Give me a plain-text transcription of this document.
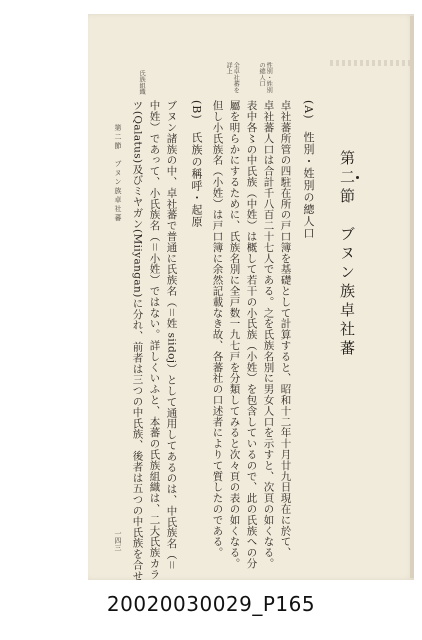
第二節　ブヌン族卓社蕃
(A)　性別・姓別の總人口
卓社蕃所管の四駐在所の戸口簿を基礎として計算すると、昭和十二年十月廿九日現在に於て、
卓社蕃人口は合計千八百二十七人である。之を氏族名別に男女人口を示すと、次頁の如くなる。
表中各〻の中氏族（中姓）は概して若干の小氏族（小姓）を包含しているので、此の氏族への分
屬を明らかにするために、氏族名別に全戸数一九七戸を分類してみると次々頁の表の如くなる。
但し小氏族名（小姓）は戸口簿に余然記載なき故、各蕃社の口述者によりて質したのである。
性別・姓別の總人口
全卓社蕃を詳上
氏族組織
(B)　氏族の稱呼・起原
ブヌン諸族の中、卓社蕃で普通に氏族名（＝姓 siidoj）として通用してあるのは、中氏族名（＝
中姓）であって、小氏族名（＝小姓）ではない。詳しくいふと、本蕃の氏族組織は、二大氏族カラ
ツ(Qalatus)及びミヤガン(Miiyangan)に分れ、前者は三つの中氏族、後者は五つの中氏族を合せ
第二節　ブヌン族卓社蕃
一四三
20020030029_P165
